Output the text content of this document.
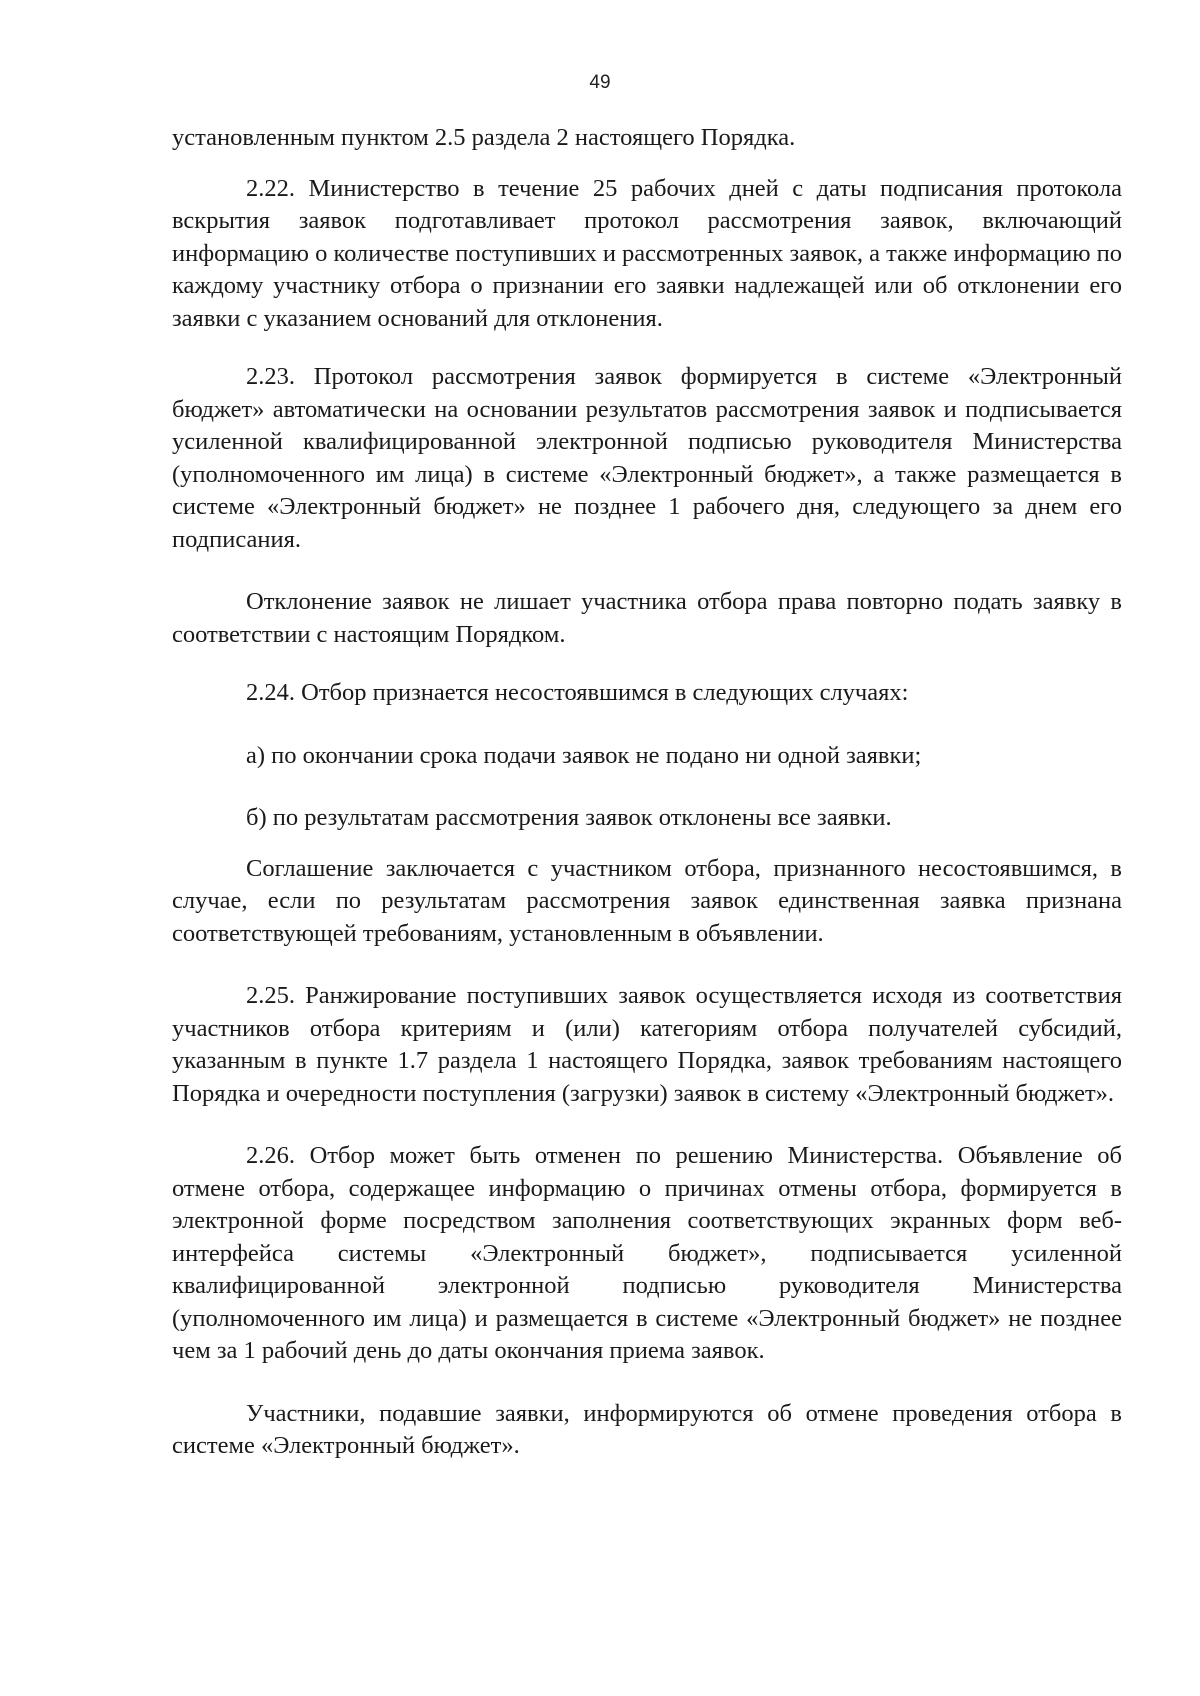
49

установленным пунктом 2.5 раздела 2 настоящего Порядка.

2.22. Министерство в течение 25 рабочих дней с даты подписания протокола вскрытия заявок подготавливает протокол рассмотрения заявок, включающий информацию о количестве поступивших и рассмотренных заявок, а также информацию по каждому участнику отбора о признании его заявки надлежащей или об отклонении его заявки с указанием оснований для отклонения.

2.23. Протокол рассмотрения заявок формируется в системе «Электронный бюджет» автоматически на основании результатов рассмотрения заявок и подписывается усиленной квалифицированной электронной подписью руководителя Министерства (уполномоченного им лица) в системе «Электронный бюджет», а также размещается в системе «Электронный бюджет» не позднее 1 рабочего дня, следующего за днем его подписания.

Отклонение заявок не лишает участника отбора права повторно подать заявку в соответствии с настоящим Порядком.

2.24. Отбор признается несостоявшимся в следующих случаях:

а) по окончании срока подачи заявок не подано ни одной заявки;

б) по результатам рассмотрения заявок отклонены все заявки.

Соглашение заключается с участником отбора, признанного несостоявшимся, в случае, если по результатам рассмотрения заявок единственная заявка признана соответствующей требованиям, установленным в объявлении.

2.25. Ранжирование поступивших заявок осуществляется исходя из соответствия участников отбора критериям и (или) категориям отбора получателей субсидий, указанным в пункте 1.7 раздела 1 настоящего Порядка, заявок требованиям настоящего Порядка и очередности поступления (загрузки) заявок в систему «Электронный бюджет».

2.26. Отбор может быть отменен по решению Министерства. Объявление об отмене отбора, содержащее информацию о причинах отмены отбора, формируется в электронной форме посредством заполнения соответствующих экранных форм веб-интерфейса системы «Электронный бюджет», подписывается усиленной квалифицированной электронной подписью руководителя Министерства (уполномоченного им лица) и размещается в системе «Электронный бюджет» не позднее чем за 1 рабочий день до даты окончания приема заявок.

Участники, подавшие заявки, информируются об отмене проведения отбора в системе «Электронный бюджет».
